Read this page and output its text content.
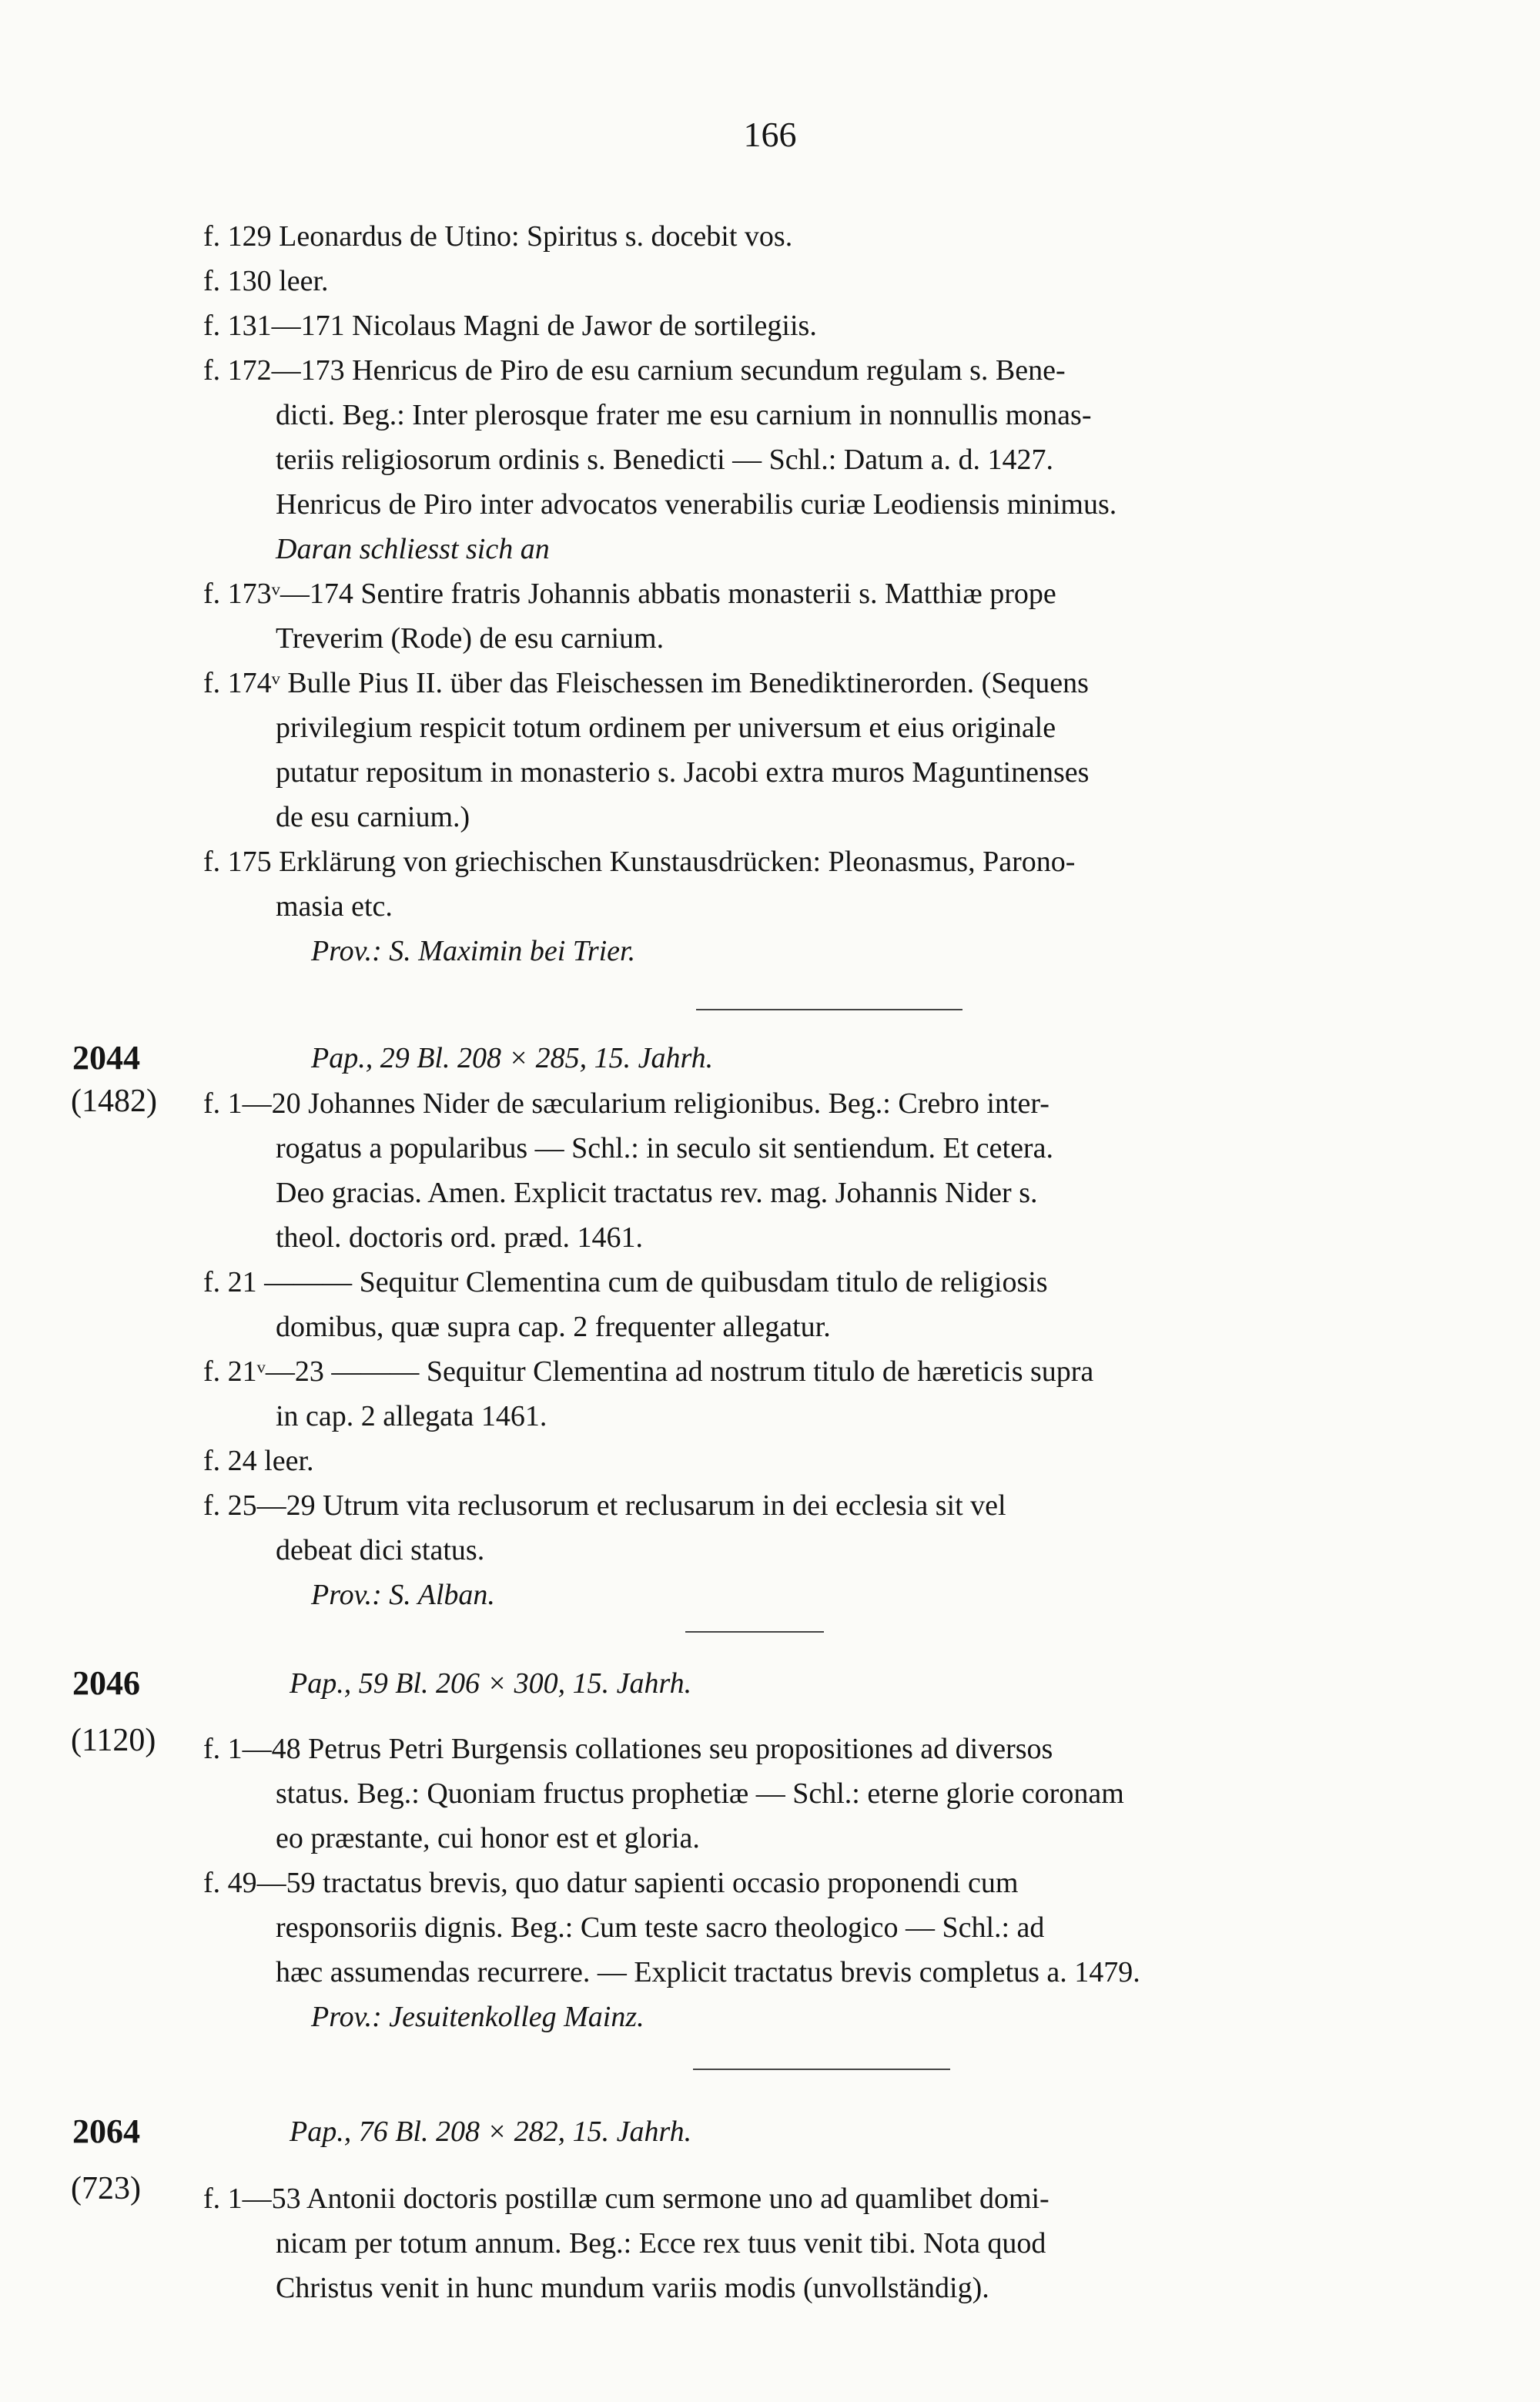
166
f. 129 Leonardus de Utino: Spiritus s. docebit vos.
f. 130 leer.
f. 131—171 Nicolaus Magni de Jawor de sortilegiis.
f. 172—173 Henricus de Piro de esu carnium secundum regulam s. Bene-
dicti. Beg.: Inter plerosque frater me esu carnium in nonnullis monas-
teriis religiosorum ordinis s. Benedicti — Schl.: Datum a. d. 1427.
Henricus de Piro inter advocatos venerabilis curiæ Leodiensis minimus.
Daran schliesst sich an
f. 173ᵛ—174 Sentire fratris Johannis abbatis monasterii s. Matthiæ prope
Treverim (Rode) de esu carnium.
f. 174ᵛ Bulle Pius II. über das Fleischessen im Benediktinerorden. (Sequens
privilegium respicit totum ordinem per universum et eius originale
putatur repositum in monasterio s. Jacobi extra muros Maguntinenses
de esu carnium.)
f. 175 Erklärung von griechischen Kunstausdrücken: Pleonasmus, Parono-
masia etc.
Prov.: S. Maximin bei Trier.
2044	Pap., 29 Bl. 208 × 285, 15. Jahrh.
(1482) f. 1—20 Johannes Nider de sæcularium religionibus. Beg.: Crebro inter-
rogatus a popularibus — Schl.: in seculo sit sentiendum. Et cetera.
Deo gracias. Amen. Explicit tractatus rev. mag. Johannis Nider s.
theol. doctoris ord. præd. 1461.
f. 21 ——— Sequitur Clementina cum de quibusdam titulo de religiosis
domibus, quæ supra cap. 2 frequenter allegatur.
f. 21ᵛ—23 ——— Sequitur Clementina ad nostrum titulo de hæreticis supra
in cap. 2 allegata 1461.
f. 24 leer.
f. 25—29 Utrum vita reclusorum et reclusarum in dei ecclesia sit vel
debeat dici status.
Prov.: S. Alban.
2046	Pap., 59 Bl. 206 × 300, 15. Jahrh.
(1120) f. 1—48 Petrus Petri Burgensis collationes seu propositiones ad diversos
status. Beg.: Quoniam fructus prophetiæ — Schl.: eterne glorie coronam
eo præstante, cui honor est et gloria.
f. 49—59 tractatus brevis, quo datur sapienti occasio proponendi cum
responsoriis dignis. Beg.: Cum teste sacro theologico — Schl.: ad
hæc assumendas recurrere. — Explicit tractatus brevis completus a. 1479.
Prov.: Jesuitenkolleg Mainz.
2064	Pap., 76 Bl. 208 × 282, 15. Jahrh.
(723) f. 1—53 Antonii doctoris postillæ cum sermone uno ad quamlibet domi-
nicam per totum annum. Beg.: Ecce rex tuus venit tibi. Nota quod
Christus venit in hunc mundum variis modis (unvollständig).
